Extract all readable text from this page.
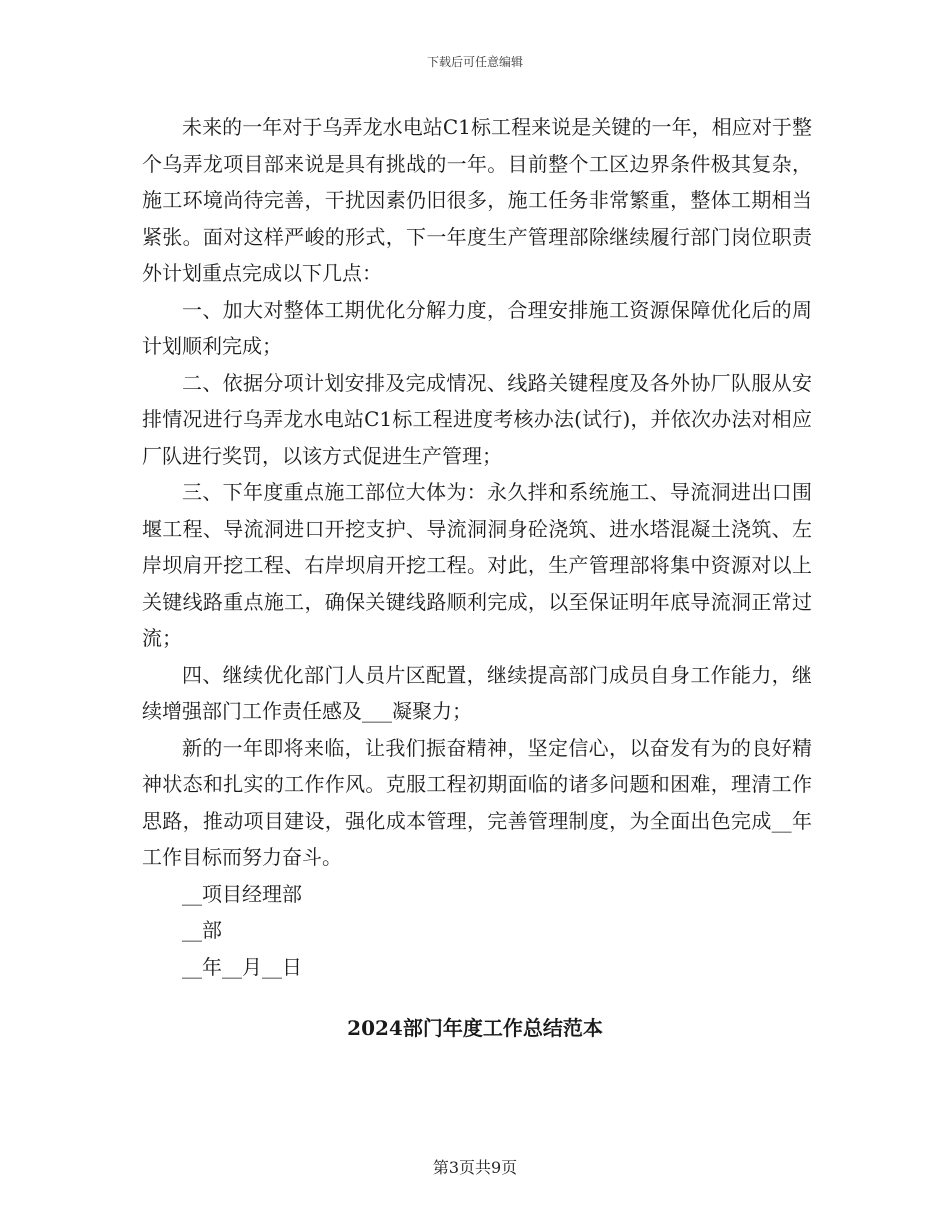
下载后可任意编辑

未来的一年对于乌弄龙水电站C1标工程来说是关键的一年，相应对于整个乌弄龙项目部来说是具有挑战的一年。目前整个工区边界条件极其复杂，施工环境尚待完善，干扰因素仍旧很多，施工任务非常繁重，整体工期相当紧张。面对这样严峻的形式，下一年度生产管理部除继续履行部门岗位职责外计划重点完成以下几点：

一、加大对整体工期优化分解力度，合理安排施工资源保障优化后的周计划顺利完成；

二、依据分项计划安排及完成情况、线路关键程度及各外协厂队服从安排情况进行乌弄龙水电站C1标工程进度考核办法(试行)，并依次办法对相应厂队进行奖罚，以该方式促进生产管理；

三、下年度重点施工部位大体为：永久拌和系统施工、导流洞进出口围堰工程、导流洞进口开挖支护、导流洞洞身砼浇筑、进水塔混凝土浇筑、左岸坝肩开挖工程、右岸坝肩开挖工程。对此，生产管理部将集中资源对以上关键线路重点施工，确保关键线路顺利完成，以至保证明年底导流洞正常过流；

四、继续优化部门人员片区配置，继续提高部门成员自身工作能力，继续增强部门工作责任感及___凝聚力；

新的一年即将来临，让我们振奋精神，坚定信心，以奋发有为的良好精神状态和扎实的工作作风。克服工程初期面临的诸多问题和困难，理清工作思路，推动项目建设，强化成本管理，完善管理制度，为全面出色完成__年工作目标而努力奋斗。

__项目经理部

__部

__年__月__日

2024部门年度工作总结范本
第3页共9页
